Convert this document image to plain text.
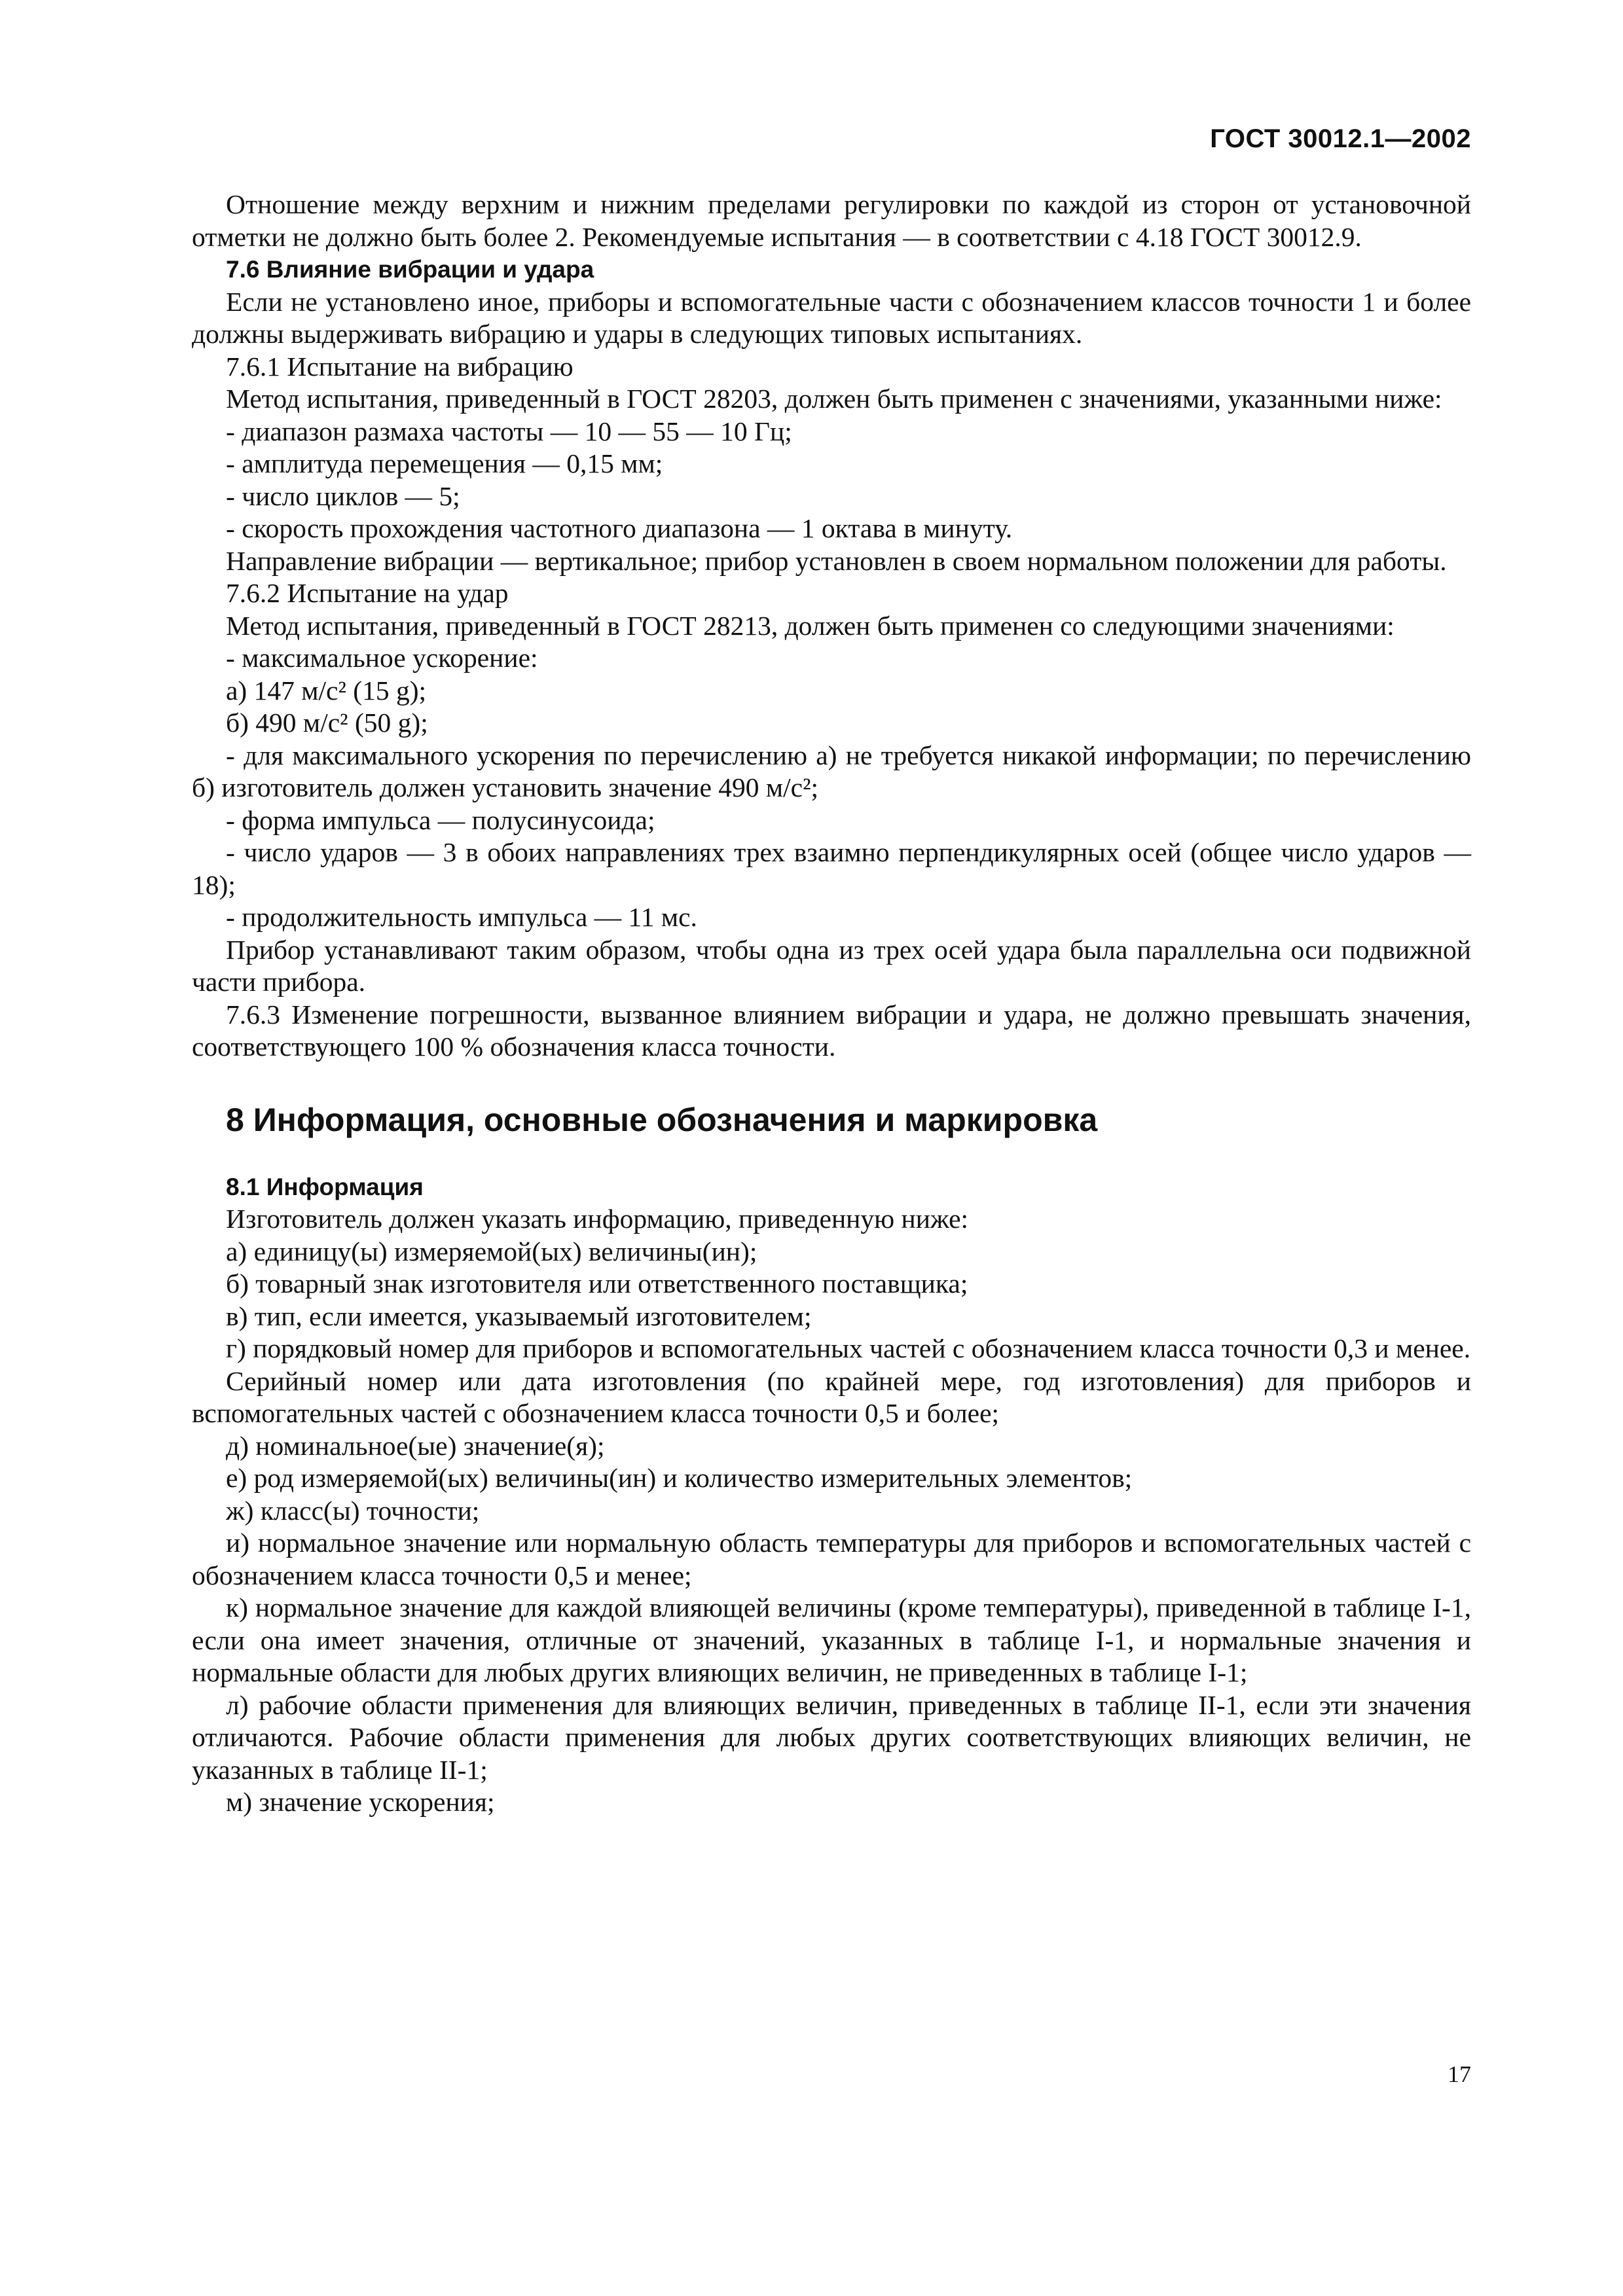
ГОСТ 30012.1—2002

Отношение между верхним и нижним пределами регулировки по каждой из сторон от установочной отметки не должно быть более 2. Рекомендуемые испытания — в соответствии с 4.18 ГОСТ 30012.9.

7.6 Влияние вибрации и удара

Если не установлено иное, приборы и вспомогательные части с обозначением классов точности 1 и более должны выдерживать вибрацию и удары в следующих типовых испытаниях.

7.6.1 Испытание на вибрацию

Метод испытания, приведенный в ГОСТ 28203, должен быть применен с значениями, указанными ниже:

- диапазон размаха частоты — 10 — 55 — 10 Гц;

- амплитуда перемещения — 0,15 мм;

- число циклов — 5;

- скорость прохождения частотного диапазона — 1 октава в минуту.

Направление вибрации — вертикальное; прибор установлен в своем нормальном положении для работы.

7.6.2 Испытание на удар

Метод испытания, приведенный в ГОСТ 28213, должен быть применен со следующими значениями:

- максимальное ускорение:

а) 147 м/с² (15 g);

б) 490 м/с² (50 g);

- для максимального ускорения по перечислению а) не требуется никакой информации; по перечислению б) изготовитель должен установить значение 490 м/с²;

- форма импульса — полусинусоида;

- число ударов — 3 в обоих направлениях трех взаимно перпендикулярных осей (общее число ударов — 18);

- продолжительность импульса — 11 мс.

Прибор устанавливают таким образом, чтобы одна из трех осей удара была параллельна оси подвижной части прибора.

7.6.3 Изменение погрешности, вызванное влиянием вибрации и удара, не должно превышать значения, соответствующего 100 % обозначения класса точности.

8 Информация, основные обозначения и маркировка
8.1 Информация

Изготовитель должен указать информацию, приведенную ниже:

а) единицу(ы) измеряемой(ых) величины(ин);

б) товарный знак изготовителя или ответственного поставщика;

в) тип, если имеется, указываемый изготовителем;

г) порядковый номер для приборов и вспомогательных частей с обозначением класса точности 0,3 и менее.

Серийный номер или дата изготовления (по крайней мере, год изготовления) для приборов и вспомогательных частей с обозначением класса точности 0,5 и более;

д) номинальное(ые) значение(я);

е) род измеряемой(ых) величины(ин) и количество измерительных элементов;

ж) класс(ы) точности;

и) нормальное значение или нормальную область температуры для приборов и вспомогательных частей с обозначением класса точности 0,5 и менее;

к) нормальное значение для каждой влияющей величины (кроме температуры), приведенной в таблице I-1, если она имеет значения, отличные от значений, указанных в таблице I-1, и нормальные значения и нормальные области для любых других влияющих величин, не приведенных в таблице I-1;

л) рабочие области применения для влияющих величин, приведенных в таблице II-1, если эти значения отличаются. Рабочие области применения для любых других соответствующих влияющих величин, не указанных в таблице II-1;

м) значение ускорения;

17
